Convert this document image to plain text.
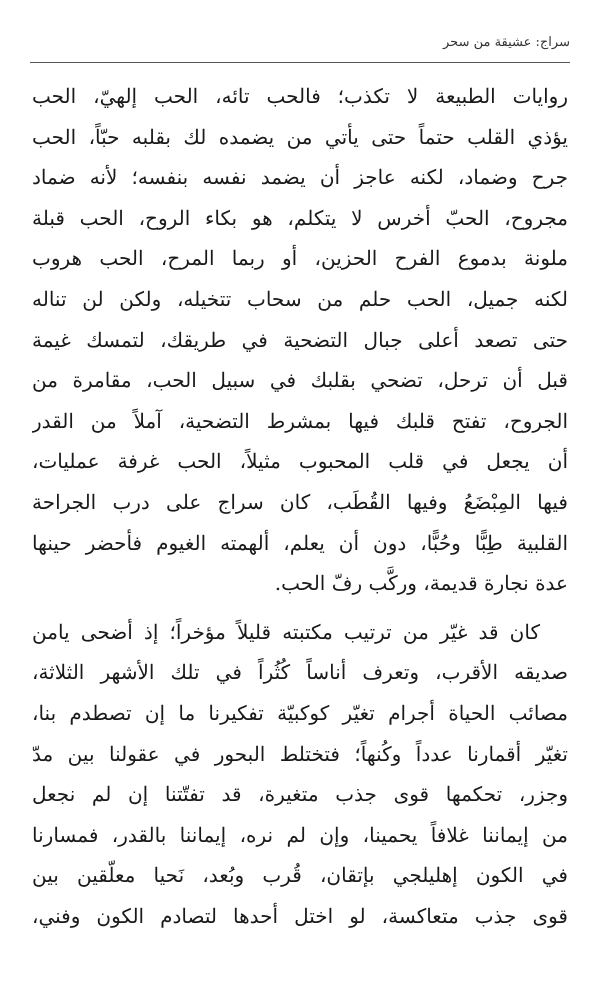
سراج: عشيقة من سحر
روايات الطبيعة لا تكذب؛ فالحب تائه، الحب إلهيّ، الحب
يؤذي القلب حتماً حتى يأتي من يضمده لك بقلبه حبّاً، الحب
جرح وضماد، لكنه عاجز أن يضمد نفسه بنفسه؛ لأنه ضماد
مجروح، الحبّ أخرس لا يتكلم، هو بكاء الروح، الحب قبلة
ملونة بدموع الفرح الحزين، أو ربما المرح، الحب هروب
لكنه جميل، الحب حلم من سحاب تتخيله، ولكن لن تناله
حتى تصعد أعلى جبال التضحية في طريقك، لتمسك غيمة
قبل أن ترحل، تضحي بقلبك في سبيل الحب، مقامرة من
الجروح، تفتح قلبك فيها بمشرط التضحية، آملاً من القدر
أن يجعل في قلب المحبوب مثيلاً، الحب غرفة عمليات،
فيها المِبْضَعُ وفيها القُطَب، كان سراج على درب الجراحة
القلبية طِبًّا وحُبًّا، دون أن يعلم، ألهمته الغيوم فأحضر حينها
عدة نجارة قديمة، وركَّب رفّ الحب.
كان قد غيّر من ترتيب مكتبته قليلاً مؤخراً؛ إذ أضحى يامن
صديقه الأقرب، وتعرف أناساً كُثُراً في تلك الأشهر الثلاثة،
مصائب الحياة أجرام تغيّر كوكبيّة تفكيرنا ما إن تصطدم بنا،
تغيّر أقمارنا عدداً وكُنهاً؛ فتختلط البحور في عقولنا بين مدّ
وجزر، تحكمها قوى جذب متغيرة، قد تفتّتنا إن لم نجعل
من إيماننا غلافاً يحمينا، وإن لم نره، إيماننا بالقدر، فمسارنا
في الكون إهليلجي بإتقان، قُرب وبُعد، نَحيا معلّقين بين
قوى جذب متعاكسة، لو اختل أحدها لتصادم الكون وفني،
